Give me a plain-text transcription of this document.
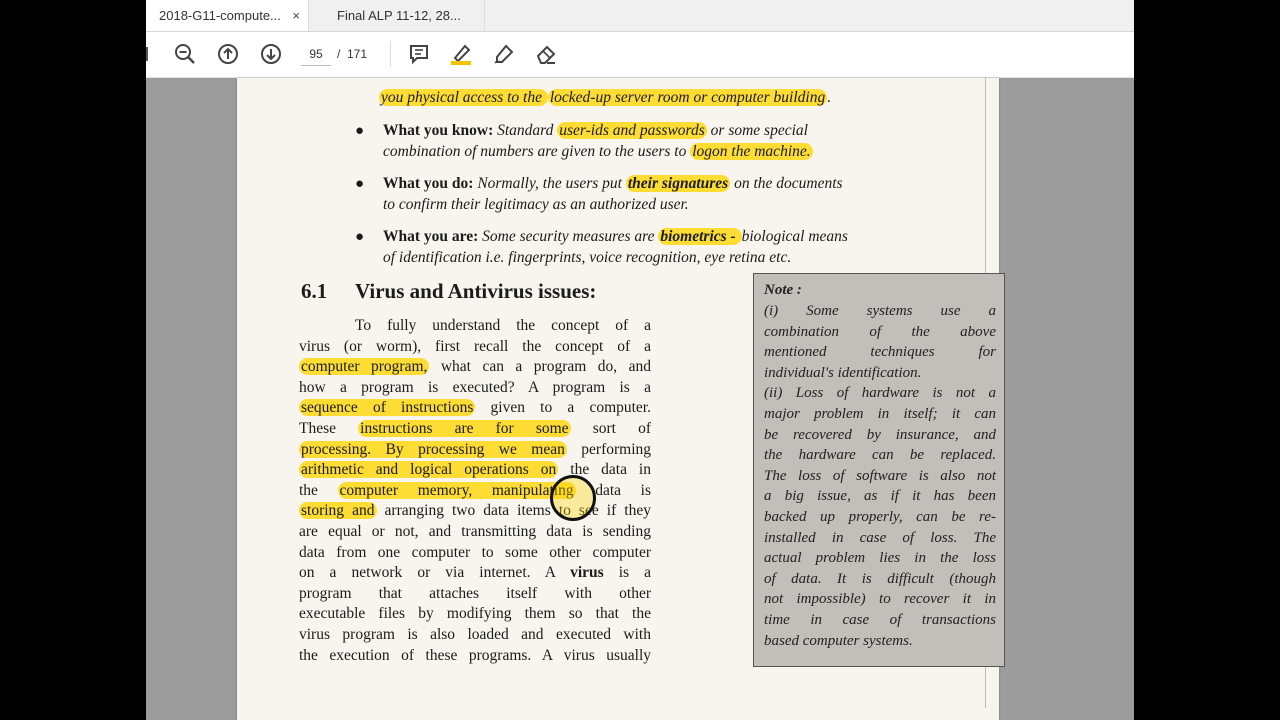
2018-G11-compute... ×	Final ALP 11-12, 28...
95
/ 171
you physical access to the locked-up server room or computer building .
● What you know: Standard user-ids and passwords or some special
combination of numbers are given to the users to logon the machine.
● What you do: Normally, the users put their signatures on the documents
to confirm their legitimacy as an authorized user.
● What you are: Some security measures are biometrics - biological means
of identification i.e. fingerprints, voice recognition, eye retina etc.
6.1 Virus and Antivirus issues:
To fully understand the concept of a
virus (or worm), first recall the concept of a
computer program, what can a program do, and
how a program is executed? A program is a
sequence of instructions given to a computer.
These instructions are for some sort of
processing. By processing we mean performing
arithmetic and logical operations on the data in
the computer memory, manipulating data is
storing and arranging two data items to see if they
are equal or not, and transmitting data is sending
data from one computer to some other computer
on a network or via internet. A virus is a
program that attaches itself with other
executable files by modifying them so that the
virus program is also loaded and executed with
the execution of these programs. A virus usually
Note :
(i) Some systems use a
combination of the above
mentioned techniques for
individual's identification.
(ii) Loss of hardware is not a
major problem in itself; it can
be recovered by insurance, and
the hardware can be replaced.
The loss of software is also not
a big issue, as if it has been
backed up properly, can be re-
installed in case of loss. The
actual problem lies in the loss
of data. It is difficult (though
not impossible) to recover it in
time in case of transactions
based computer systems.
